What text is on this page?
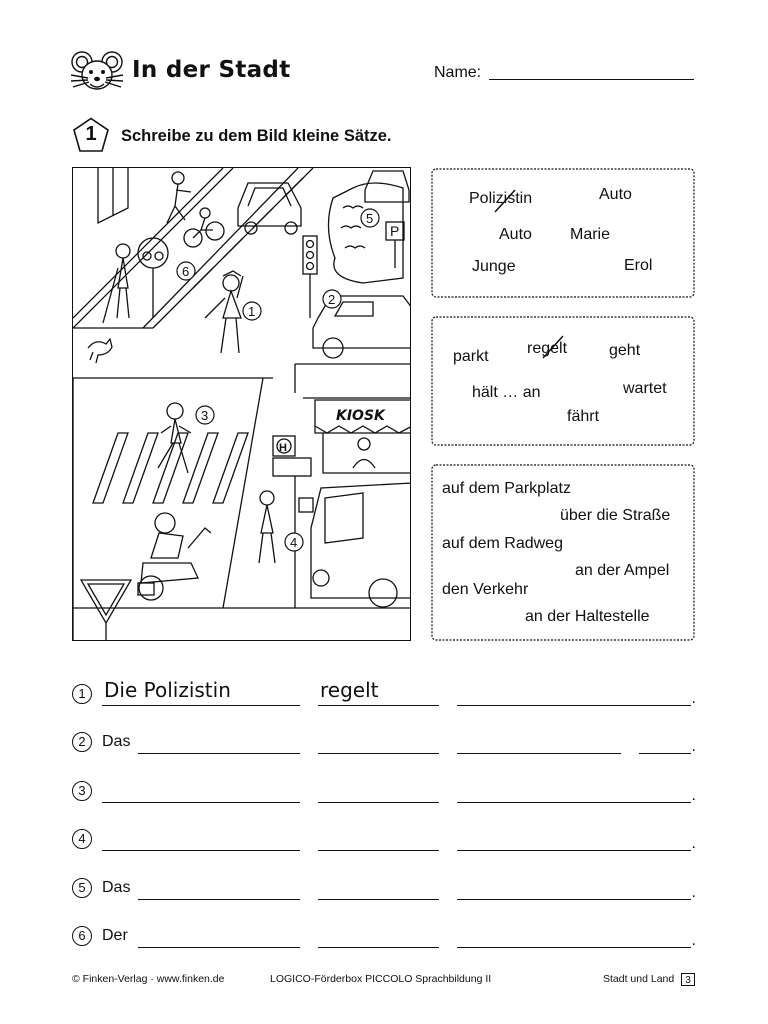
In der Stadt	Name:
1	Schreibe zu dem Bild kleine Sätze.
P
KIOSK
H
1
2
3
4
5
6
Polizistin	Auto
Auto Marie
Junge	Erol
parkt regelt	geht
hält … an	wartet
fährt
auf dem Parkplatz
über die Straße
auf dem Radweg
an der Ampel
den Verkehr
an der Haltestelle
1 Die Polizistin	regelt	.
2	Das	.
3	.
4	.
5	Das	.
6	Der	.
© Finken-Verlag · www.finken.de	LOGICO-Förderbox PICCOLO Sprachbildung II	Stadt und Land	3
